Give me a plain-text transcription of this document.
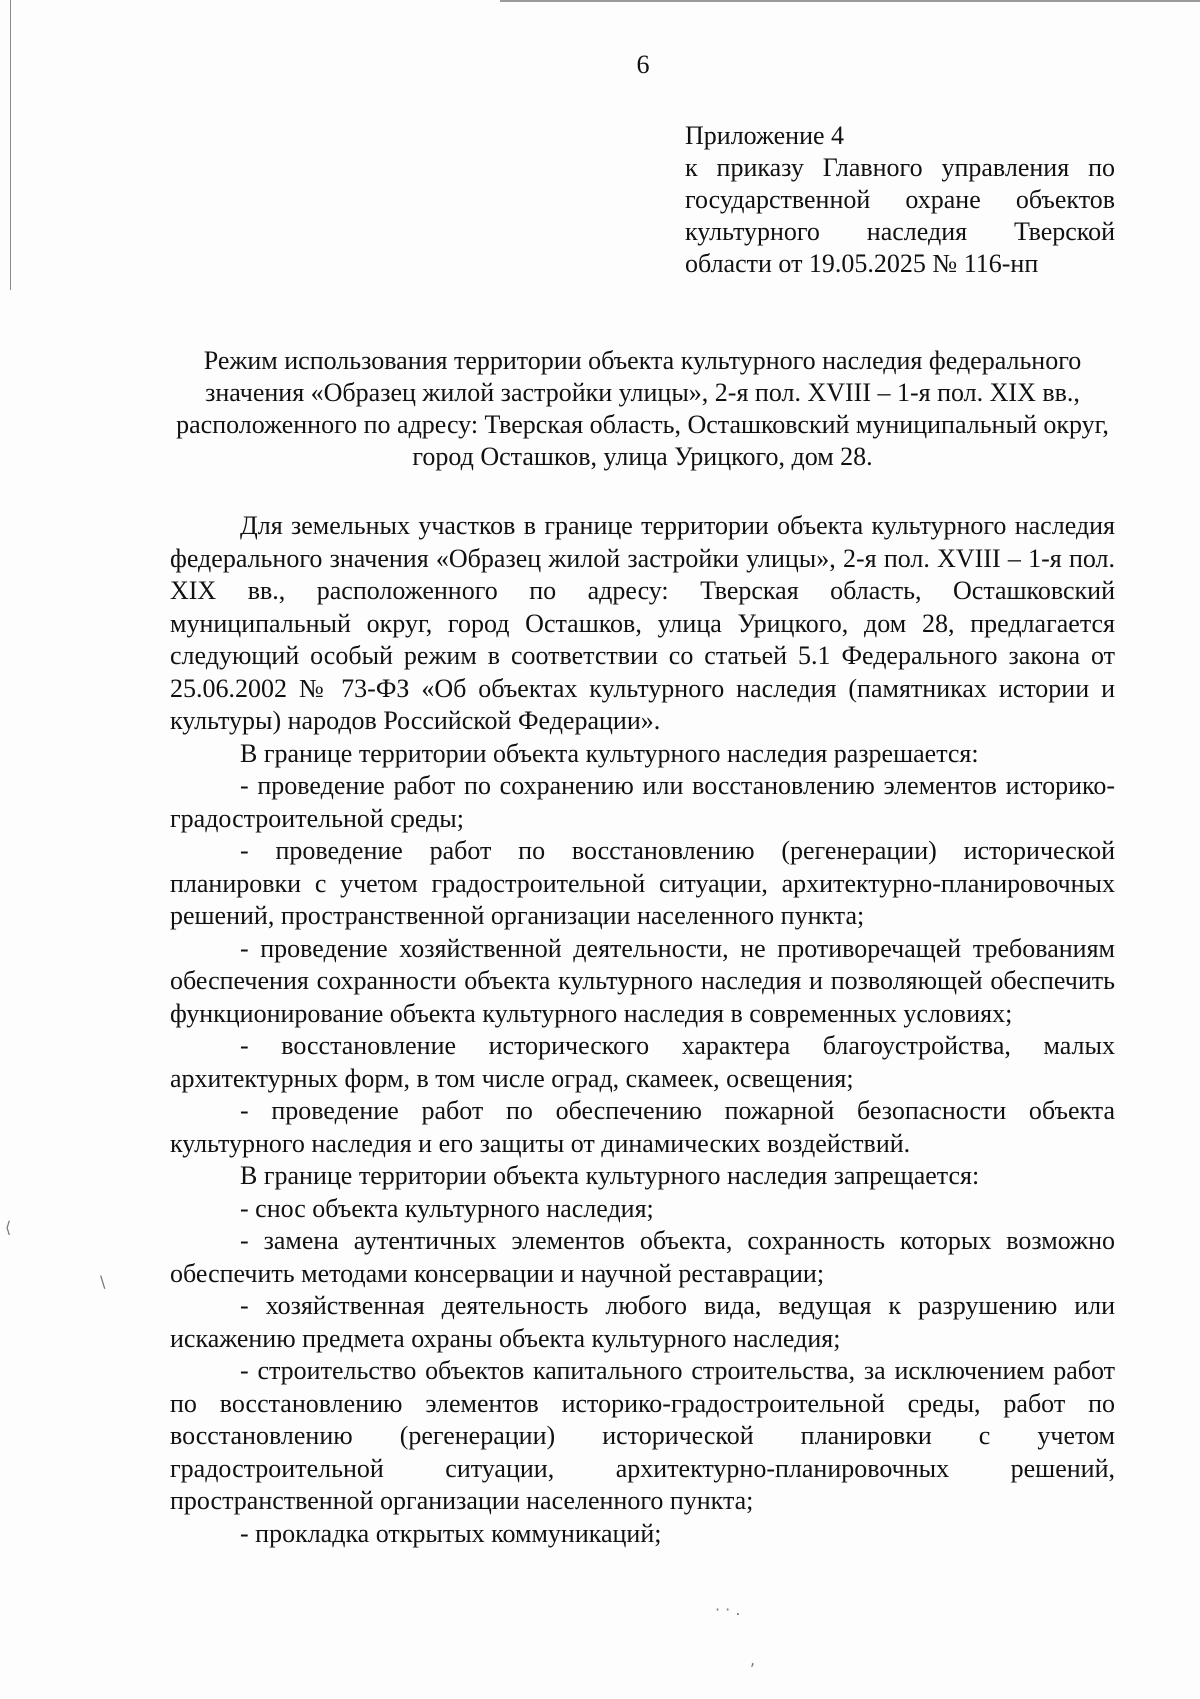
6
Приложение 4
к приказу Главного управления по
государственной охране объектов
культурного наследия Тверской
области от 19.05.2025 № 116-нп
Режим использования территории объекта культурного наследия федерального значения «Образец жилой застройки улицы», 2-я пол. XVIII – 1-я пол. XIX вв., расположенного по адресу: Тверская область, Осташковский муниципальный округ, город Осташков, улица Урицкого, дом 28.

Для земельных участков в границе территории объекта культурного наследия федерального значения «Образец жилой застройки улицы», 2-я пол. XVIII – 1-я пол. XIX вв., расположенного по адресу: Тверская область, Осташковский муниципальный округ, город Осташков, улица Урицкого, дом 28, предлагается следующий особый режим в соответствии со статьей 5.1 Федерального закона от 25.06.2002 № 73-ФЗ «Об объектах культурного наследия (памятниках истории и культуры) народов Российской Федерации».

В границе территории объекта культурного наследия разрешается:

- проведение работ по сохранению или восстановлению элементов историко-градостроительной среды;

- проведение работ по восстановлению (регенерации) исторической планировки с учетом градостроительной ситуации, архитектурно-планировочных решений, пространственной организации населенного пункта;

- проведение хозяйственной деятельности, не противоречащей требованиям обеспечения сохранности объекта культурного наследия и позволяющей обеспечить функционирование объекта культурного наследия в современных условиях;

- восстановление исторического характера благоустройства, малых архитектурных форм, в том числе оград, скамеек, освещения;

- проведение работ по обеспечению пожарной безопасности объекта культурного наследия и его защиты от динамических воздействий.

В границе территории объекта культурного наследия запрещается:

- снос объекта культурного наследия;

- замена аутентичных элементов объекта, сохранность которых возможно обеспечить методами консервации и научной реставрации;

- хозяйственная деятельность любого вида, ведущая к разрушению или искажению предмета охраны объекта культурного наследия;

- строительство объектов капитального строительства, за исключением работ по восстановлению элементов историко-градостроительной среды, работ по восстановлению (регенерации) исторической планировки с учетом градостроительной ситуации, архитектурно-планировочных решений, пространственной организации населенного пункта;

- прокладка открытых коммуникаций;

⟨
\
· · .
,
